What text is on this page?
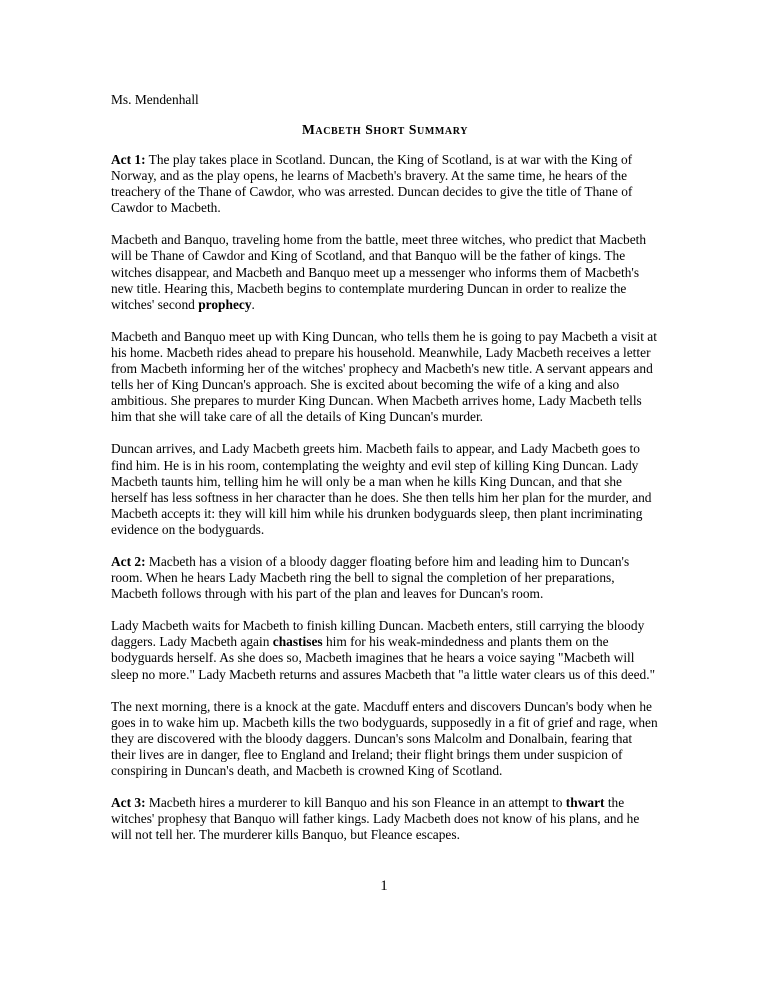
Ms. Mendenhall

Macbeth Short Summary

Act 1: The play takes place in Scotland. Duncan, the King of Scotland, is at war with the King of Norway, and as the play opens, he learns of Macbeth's bravery. At the same time, he hears of the treachery of the Thane of Cawdor, who was arrested. Duncan decides to give the title of Thane of Cawdor to Macbeth.

Macbeth and Banquo, traveling home from the battle, meet three witches, who predict that Macbeth will be Thane of Cawdor and King of Scotland, and that Banquo will be the father of kings. The witches disappear, and Macbeth and Banquo meet up a messenger who informs them of Macbeth's new title. Hearing this, Macbeth begins to contemplate murdering Duncan in order to realize the witches' second prophecy.

Macbeth and Banquo meet up with King Duncan, who tells them he is going to pay Macbeth a visit at his home. Macbeth rides ahead to prepare his household. Meanwhile, Lady Macbeth receives a letter from Macbeth informing her of the witches' prophecy and Macbeth's new title. A servant appears and tells her of King Duncan's approach. She is excited about becoming the wife of a king and also ambitious. She prepares to murder King Duncan. When Macbeth arrives home, Lady Macbeth tells him that she will take care of all the details of King Duncan's murder.

Duncan arrives, and Lady Macbeth greets him. Macbeth fails to appear, and Lady Macbeth goes to find him. He is in his room, contemplating the weighty and evil step of killing King Duncan. Lady Macbeth taunts him, telling him he will only be a man when he kills King Duncan, and that she herself has less softness in her character than he does. She then tells him her plan for the murder, and Macbeth accepts it: they will kill him while his drunken bodyguards sleep, then plant incriminating evidence on the bodyguards.

Act 2: Macbeth has a vision of a bloody dagger floating before him and leading him to Duncan's room. When he hears Lady Macbeth ring the bell to signal the completion of her preparations, Macbeth follows through with his part of the plan and leaves for Duncan's room.

Lady Macbeth waits for Macbeth to finish killing Duncan. Macbeth enters, still carrying the bloody daggers. Lady Macbeth again chastises him for his weak-mindedness and plants them on the bodyguards herself. As she does so, Macbeth imagines that he hears a voice saying "Macbeth will sleep no more." Lady Macbeth returns and assures Macbeth that "a little water clears us of this deed."

The next morning, there is a knock at the gate. Macduff enters and discovers Duncan's body when he goes in to wake him up. Macbeth kills the two bodyguards, supposedly in a fit of grief and rage, when they are discovered with the bloody daggers. Duncan's sons Malcolm and Donalbain, fearing that their lives are in danger, flee to England and Ireland; their flight brings them under suspicion of conspiring in Duncan's death, and Macbeth is crowned King of Scotland.

Act 3: Macbeth hires a murderer to kill Banquo and his son Fleance in an attempt to thwart the witches' prophesy that Banquo will father kings. Lady Macbeth does not know of his plans, and he will not tell her. The murderer kills Banquo, but Fleance escapes.

1
